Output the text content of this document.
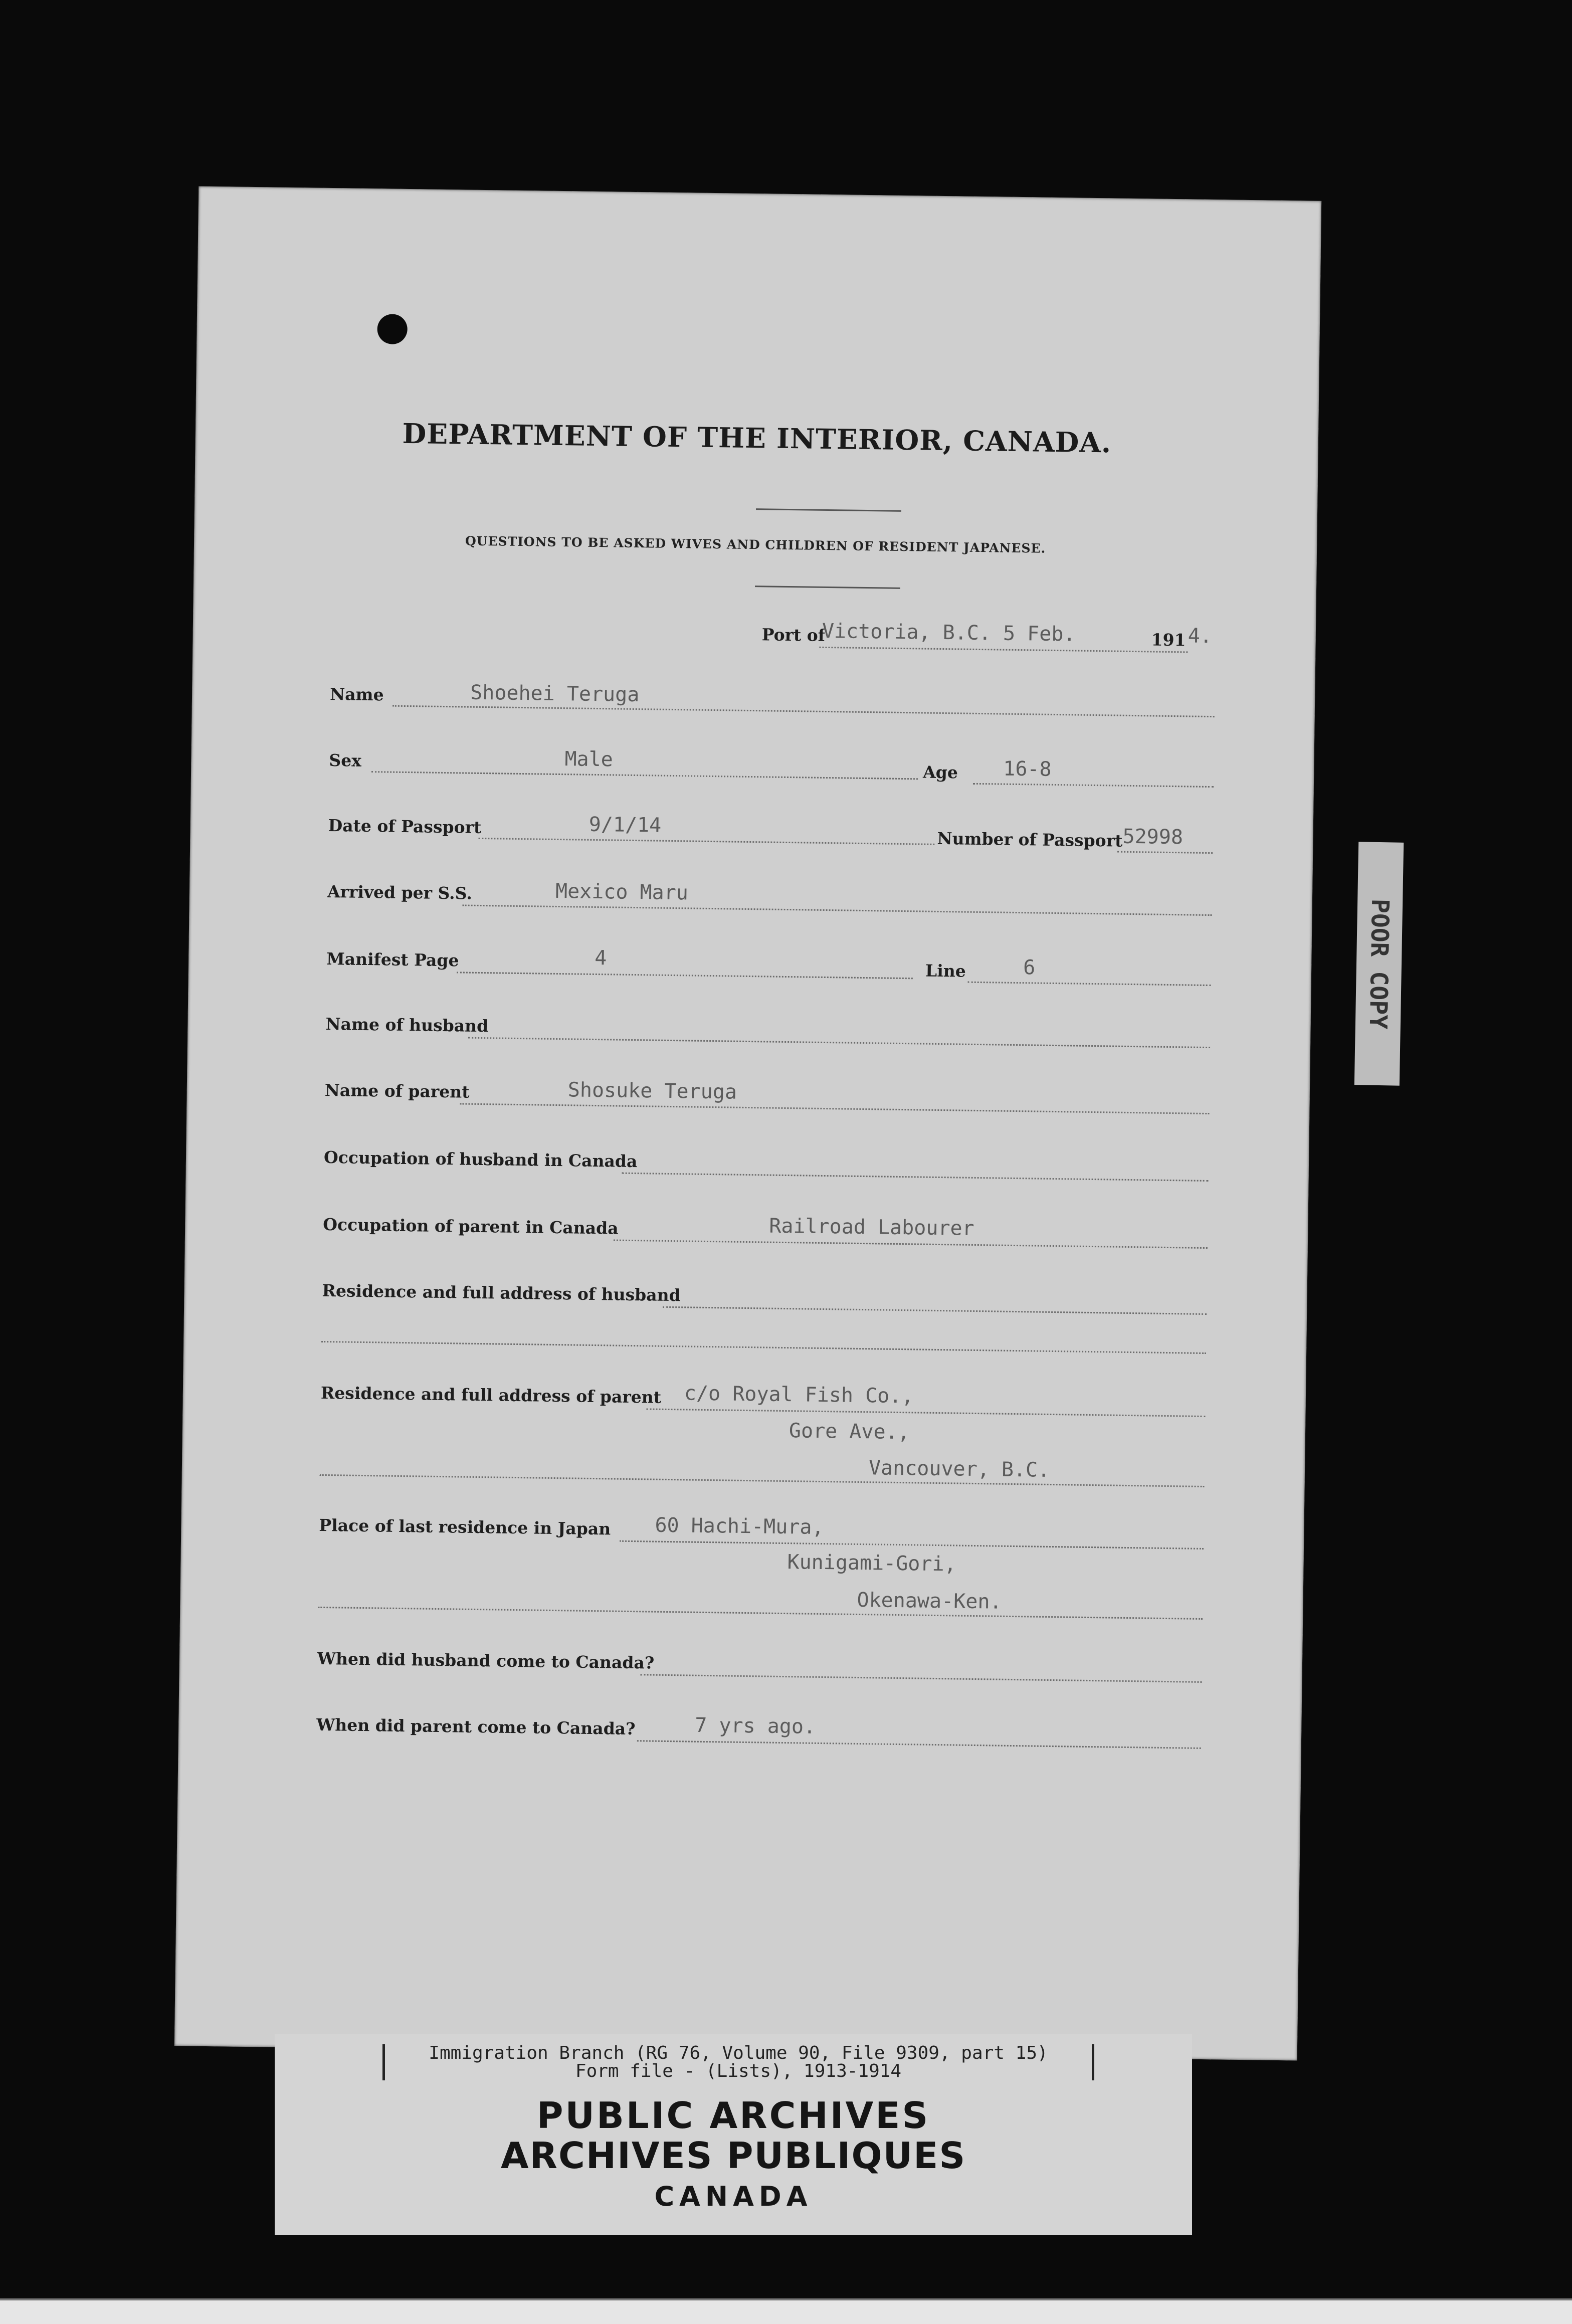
DEPARTMENT OF THE INTERIOR, CANADA.
QUESTIONS TO BE ASKED WIVES AND CHILDREN OF RESIDENT JAPANESE.
Port of
Victoria, B.C. 5 Feb.	191 4.
Name	Shoehei Teruga
Sex	Male
Age 16-8
Date of Passport	9/1/14
Number of Passport 52998
Arrived per S.S.	Mexico Maru
Manifest Page	4
Line	6
Name of husband
Name of parent	Shosuke Teruga
Occupation of husband in Canada
Occupation of parent in Canada	Railroad Labourer
Residence and full address of husband
Residence and full address of parent c/o Royal Fish Co.,
Gore Ave.,
Vancouver, B.C.
Place of last residence in Japan 60 Hachi-Mura,
Kunigami-Gori,
Okenawa-Ken.
When did husband come to Canada?
When did parent come to Canada?	7 yrs ago.
POOR COPY
Immigration Branch (RG 76, Volume 90, File 9309, part 15)
Form file - (Lists), 1913-1914
PUBLIC ARCHIVES
ARCHIVES PUBLIQUES
CANADA
